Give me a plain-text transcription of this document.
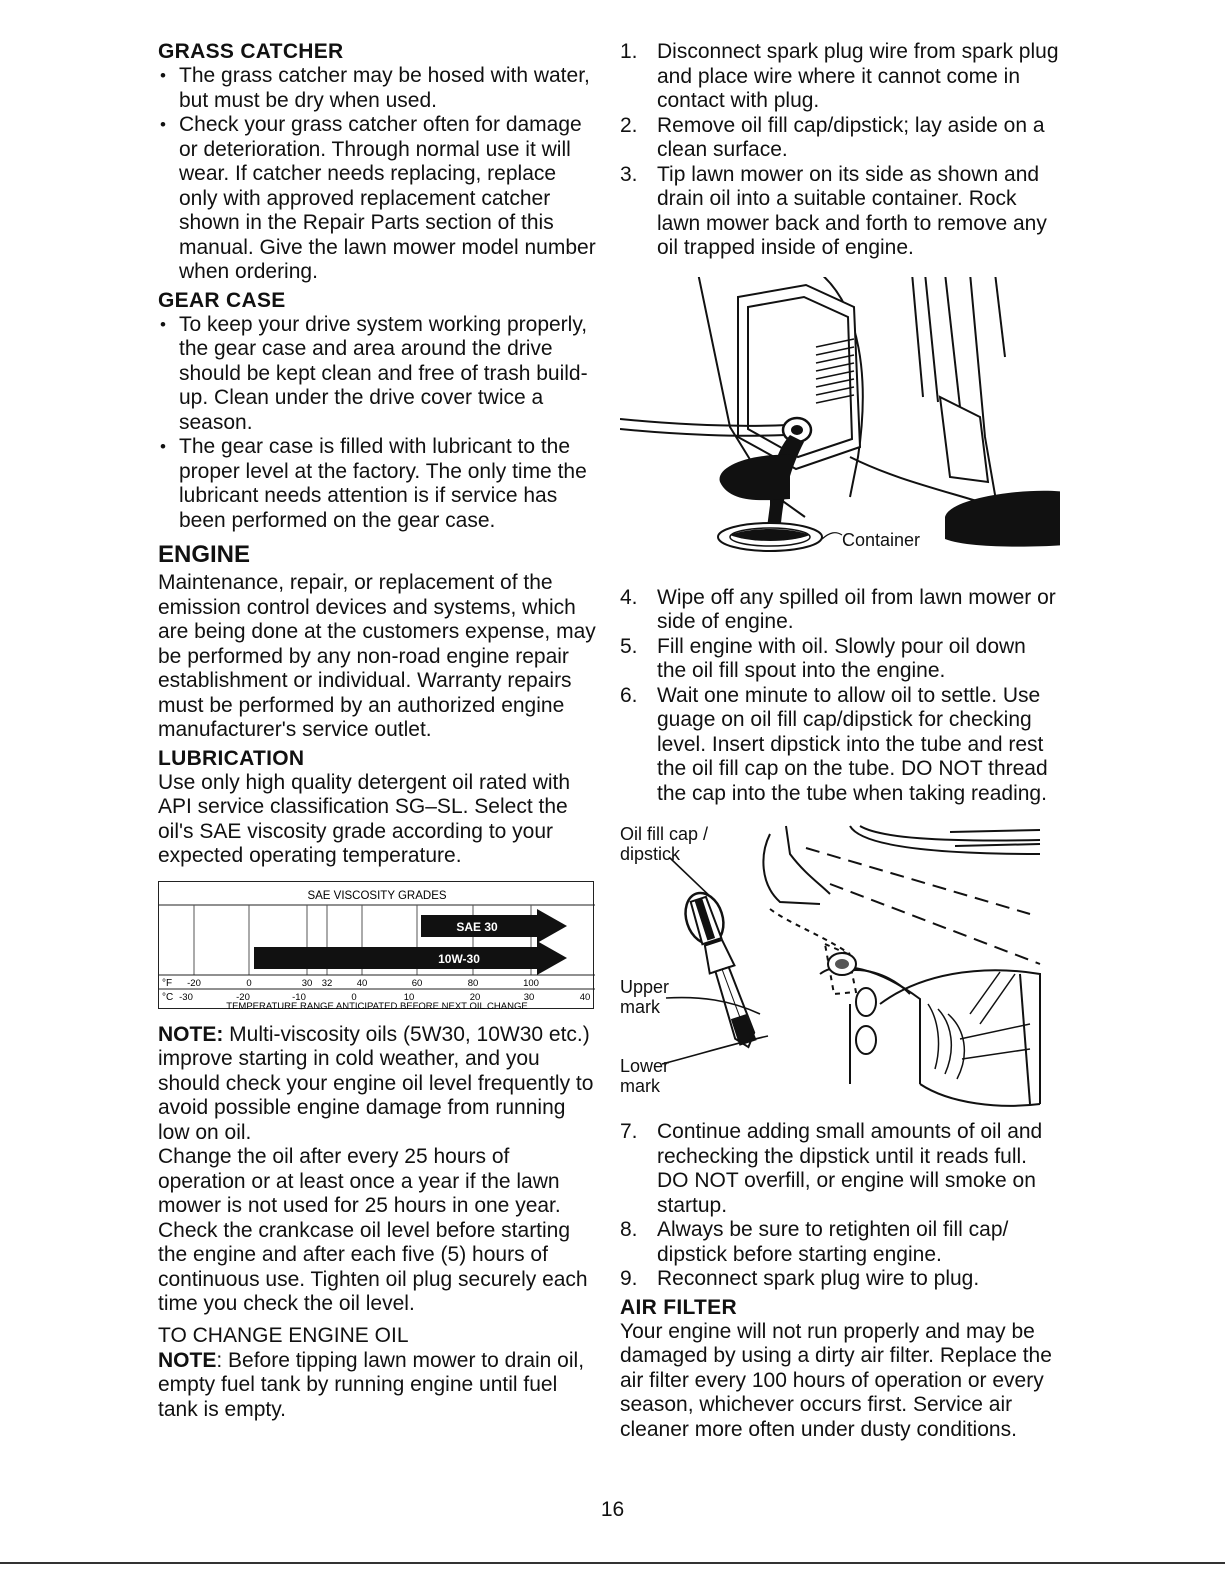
GRASS CATCHER
• The grass catcher may be hosed with water, but must be dry when used.
• Check your grass catcher often for damage or deterioration. Through normal use it will wear. If catcher needs replacing, replace only with approved replacement catcher shown in the Repair Parts section of this manual. Give the lawn mower model number when ordering.
GEAR CASE
• To keep your drive system working properly, the gear case and area around the drive should be kept clean and free of trash build-up. Clean under the drive cover twice a season.
• The gear case is filled with lubricant to the proper level at the factory. The only time the lubricant needs attention is if service has been performed on the gear case.
ENGINE

Maintenance, repair, or replacement of the emission control devices and systems, which are being done at the customers expense, may be performed by any non-road engine repair establishment or individual. Warranty repairs must be performed by an authorized engine manufacturer's service outlet.

LUBRICATION

Use only high quality detergent oil rated with API service classification SG–SL. Select the oil's SAE viscosity grade according to your expected operating temperature.

SAE VISCOSITY GRADES
SAE 30
10W-30
°F -20	0	30 32	40	60	80	100
°C -30	-20	-10	0	10	20	30	40
TEMPERATURE RANGE ANTICIPATED BEFORE NEXT OIL CHANGE

NOTE: Multi-viscosity oils (5W30, 10W30 etc.) improve starting in cold weather, and you should check your engine oil level frequently to avoid possible engine damage from running low on oil.

Change the oil after every 25 hours of operation or at least once a year if the lawn mower is not used for 25 hours in one year.

Check the crankcase oil level before starting the engine and after each five (5) hours of continuous use. Tighten oil plug securely each time you check the oil level.

TO CHANGE ENGINE OIL

NOTE: Before tipping lawn mower to drain oil, empty fuel tank by running engine until fuel tank is empty.

1. Disconnect spark plug wire from spark plug and place wire where it cannot come in contact with plug.
2. Remove oil fill cap/dipstick; lay aside on a clean surface.
3. Tip lawn mower on its side as shown and drain oil into a suitable container. Rock lawn mower back and forth to remove any oil trapped inside of engine.
Container
4. Wipe off any spilled oil from lawn mower or side of engine.
5. Fill engine with oil. Slowly pour oil down the oil fill spout into the engine.
6. Wait one minute to allow oil to settle. Use guage on oil fill cap/dipstick for checking level. Insert dipstick into the tube and rest the oil fill cap on the tube. DO NOT thread the cap into the tube when taking reading.
Oil fill cap /
dipstick
Upper
mark
Lower
mark
7. Continue adding small amounts of oil and rechecking the dipstick until it reads full. DO NOT overfill, or engine will smoke on startup.
8. Always be sure to retighten oil fill cap/ dipstick before starting engine.
9. Reconnect spark plug wire to plug.
AIR FILTER

Your engine will not run properly and may be damaged by using a dirty air filter. Replace the air filter every 100 hours of operation or every season, whichever occurs first. Service air cleaner more often under dusty conditions.

16
